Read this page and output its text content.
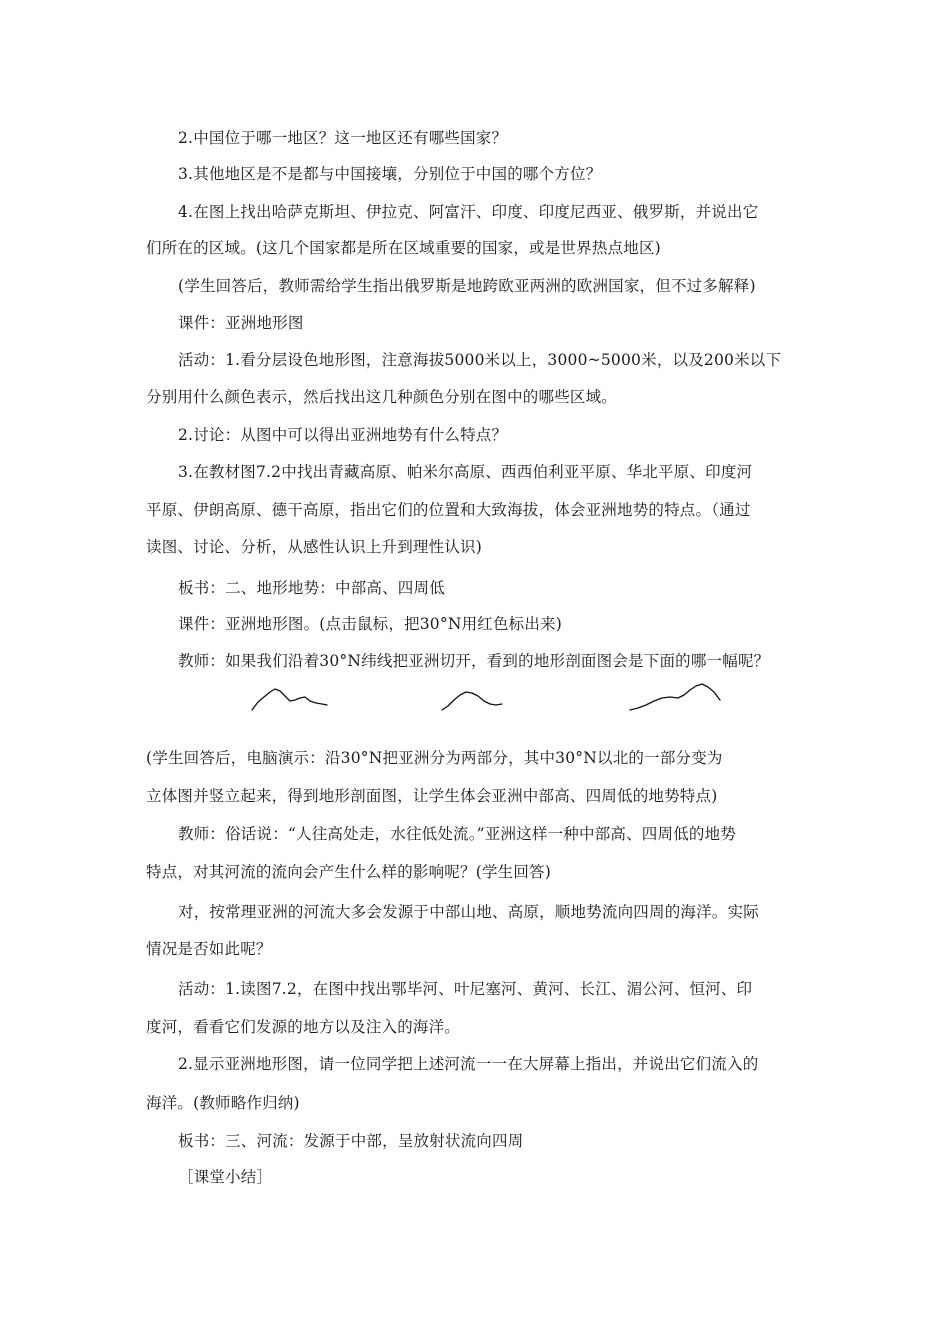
2.中国位于哪一地区？这一地区还有哪些国家？
3.其他地区是不是都与中国接壤，分别位于中国的哪个方位？
4.在图上找出哈萨克斯坦、伊拉克、阿富汗、印度、印度尼西亚、俄罗斯，并说出它
们所在的区域。(这几个国家都是所在区域重要的国家，或是世界热点地区)
(学生回答后，教师需给学生指出俄罗斯是地跨欧亚两洲的欧洲国家，但不过多解释)
课件：亚洲地形图
活动：1.看分层设色地形图，注意海拔5000米以上，3000~5000米，以及200米以下
分别用什么颜色表示，然后找出这几种颜色分别在图中的哪些区域。
2.讨论：从图中可以得出亚洲地势有什么特点？
3.在教材图7.2中找出青藏高原、帕米尔高原、西西伯利亚平原、华北平原、印度河
平原、伊朗高原、德干高原，指出它们的位置和大致海拔，体会亚洲地势的特点。（通过
读图、讨论、分析，从感性认识上升到理性认识)
板书：二、地形地势：中部高、四周低
课件：亚洲地形图。(点击鼠标，把30°N用红色标出来)
教师：如果我们沿着30°N纬线把亚洲切开，看到的地形剖面图会是下面的哪一幅呢？
(学生回答后，电脑演示：沿30°N把亚洲分为两部分，其中30°N以北的一部分变为
立体图并竖立起来，得到地形剖面图，让学生体会亚洲中部高、四周低的地势特点)
教师：俗话说：“人往高处走，水往低处流。”亚洲这样一种中部高、四周低的地势
特点，对其河流的流向会产生什么样的影响呢？(学生回答)
对，按常理亚洲的河流大多会发源于中部山地、高原，顺地势流向四周的海洋。实际
情况是否如此呢？
活动：1.读图7.2，在图中找出鄂毕河、叶尼塞河、黄河、长江、湄公河、恒河、印
度河，看看它们发源的地方以及注入的海洋。
2.显示亚洲地形图，请一位同学把上述河流一一在大屏幕上指出，并说出它们流入的
海洋。(教师略作归纳)
板书：三、河流：发源于中部，呈放射状流向四周
［课堂小结］
